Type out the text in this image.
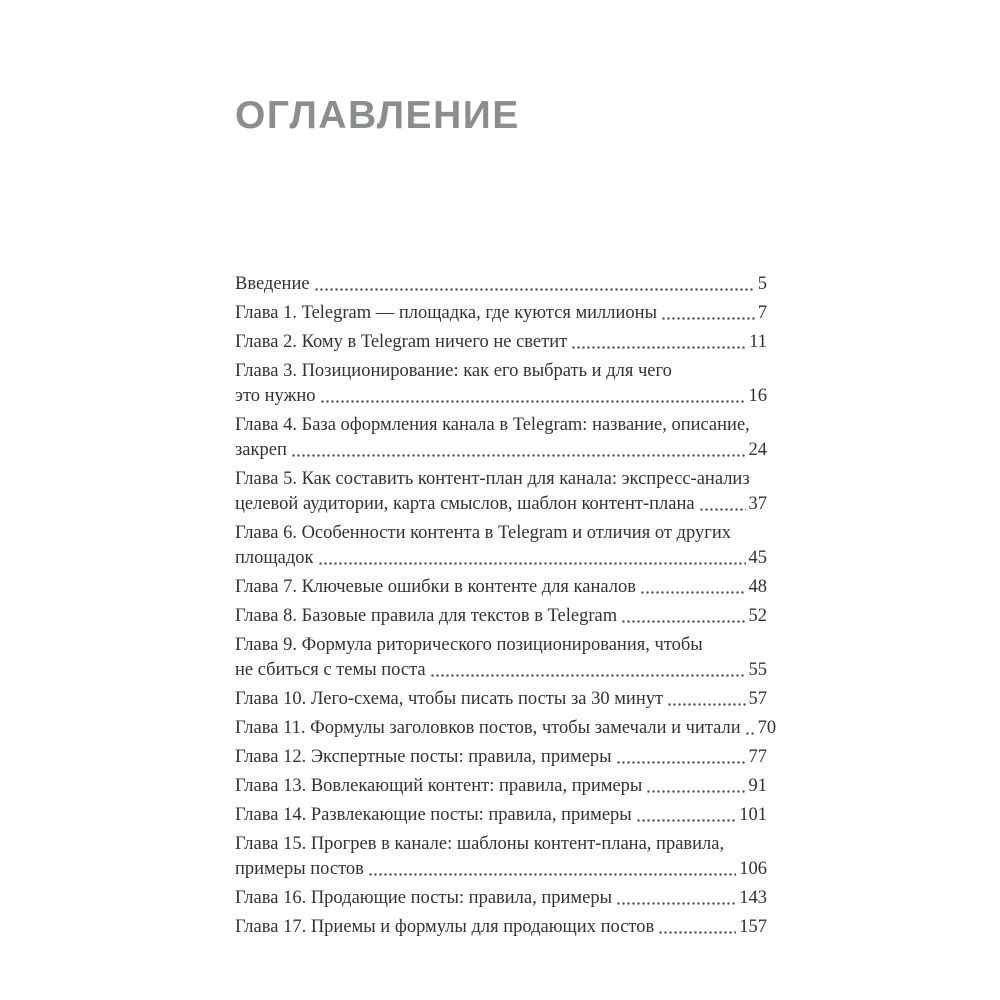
ОГЛАВЛЕНИЕ
Введение	5
Глава 1. Telegram — площадка, где куются миллионы	7
Глава 2. Кому в Telegram ничего не светит	11
Глава 3. Позиционирование: как его выбрать и для чего
это нужно	16
Глава 4. База оформления канала в Telegram: название, описание,
закреп	24
Глава 5. Как составить контент-план для канала: экспресс-анализ
целевой аудитории, карта смыслов, шаблон контент-плана	37
Глава 6. Особенности контента в Telegram и отличия от других
площадок	45
Глава 7. Ключевые ошибки в контенте для каналов	48
Глава 8. Базовые правила для текстов в Telegram	52
Глава 9. Формула риторического позиционирования, чтобы
не сбиться с темы поста	55
Глава 10. Лего-схема, чтобы писать посты за 30 минут	57
Глава 11. Формулы заголовков постов, чтобы замечали и читали 70
Глава 12. Экспертные посты: правила, примеры	77
Глава 13. Вовлекающий контент: правила, примеры	91
Глава 14. Развлекающие посты: правила, примеры	101
Глава 15. Прогрев в канале: шаблоны контент-плана, правила,
примеры постов	106
Глава 16. Продающие посты: правила, примеры	143
Глава 17. Приемы и формулы для продающих постов	157
